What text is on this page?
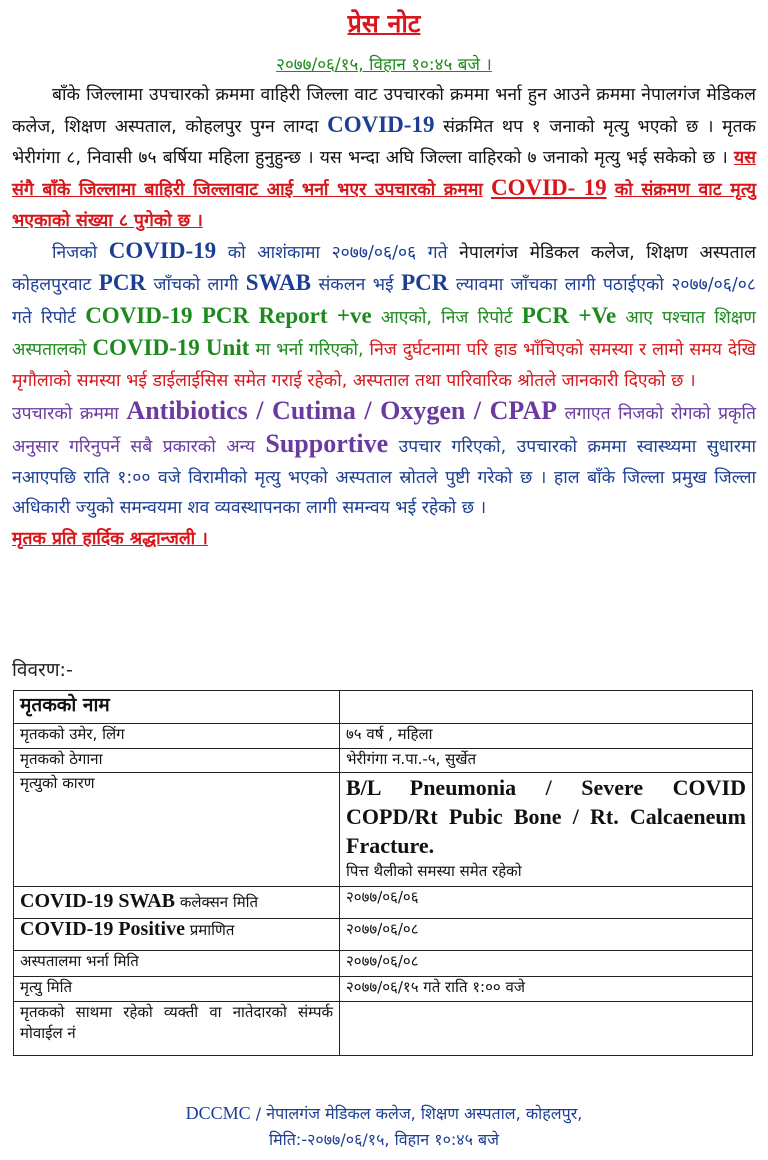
प्रेस नोट
२०७७/०६/१५, विहान १०:४५ बजे ।

बाँके जिल्लामा उपचारको क्रममा वाहिरी जिल्ला वाट उपचारको क्रममा भर्ना हुन आउने क्रममा नेपालगंज मेडिकल कलेज, शिक्षण अस्पताल, कोहलपुर पुग्न लाग्दा COVID-19 संक्रमित थप १ जनाको मृत्यु भएको छ । मृतक भेरीगंगा ८, निवासी ७५ बर्षिया महिला हुनुहुन्छ । यस भन्दा अघि जिल्ला वाहिरको ७ जनाको मृत्यु भई सकेको छ । यस संगै बाँके जिल्लामा बाहिरी जिल्लावाट आई भर्ना भएर उपचारको क्रममा COVID- 19 को संक्रमण वाट मृत्यु भएकाको संख्या ८ पुगेको छ ।

निजको COVID-19 को आशंकामा २०७७/०६/०६ गते नेपालगंज मेडिकल कलेज, शिक्षण अस्पताल कोहलपुरवाट PCR जाँचको लागी SWAB संकलन भई PCR ल्यावमा जाँचका लागी पठाईएको २०७७/०६/०८ गते रिपोर्ट COVID-19 PCR Report +ve आएको, निज रिपोर्ट PCR +Ve आए पश्चात शिक्षण अस्पतालको COVID-19 Unit मा भर्ना गरिएको, निज दुर्घटनामा परि हाड भाँचिएको समस्या र लामो समय देखि मृगौलाको समस्या भई डाईलाईसिस समेत गराई रहेको, अस्पताल तथा पारिवारिक श्रोतले जानकारी दिएको छ ।

उपचारको क्रममा Antibiotics / Cutima / Oxygen / CPAP लगाएत निजको रोगको प्रकृति अनुसार गरिनुपर्ने सबै प्रकारको अन्य Supportive उपचार गरिएको, उपचारको क्रममा स्वास्थ्यमा सुधारमा नआएपछि राति १:०० वजे विरामीको मृत्यु भएको अस्पताल स्रोतले पुष्टी गरेको छ । हाल बाँके जिल्ला प्रमुख जिल्ला अधिकारी ज्युको समन्वयमा शव व्यवस्थापनका लागी समन्वय भई रहेको छ ।

मृतक प्रति हार्दिक श्रद्धान्जली ।

विवरण:-
मृतकको नाम	
मृतकको उमेर, लिंग	७५ वर्ष , महिला
मृतकको ठेगाना	भेरीगंगा न.पा.-५, सुर्खेत
मृत्युको कारण	B/L Pneumonia / Severe COVID COPD/Rt Pubic Bone / Rt. Calcaeneum Fracture.
पित्त थैलीको समस्या समेत रहेको

COVID-19 SWAB कलेक्सन मिति	२०७७/०६/०६
COVID-19 Positive प्रमाणित	२०७७/०६/०८
अस्पतालमा भर्ना मिति	२०७७/०६/०८
मृत्यु मिति	२०७७/०६/१५ गते राति १:०० वजे
मृतकको साथमा रहेको व्यक्ती वा नातेदारको संम्पर्क मोवाईल नं	
DCCMC / नेपालगंज मेडिकल कलेज, शिक्षण अस्पताल, कोहलपुर,
मिति:-२०७७/०६/१५, विहान १०:४५ बजे
